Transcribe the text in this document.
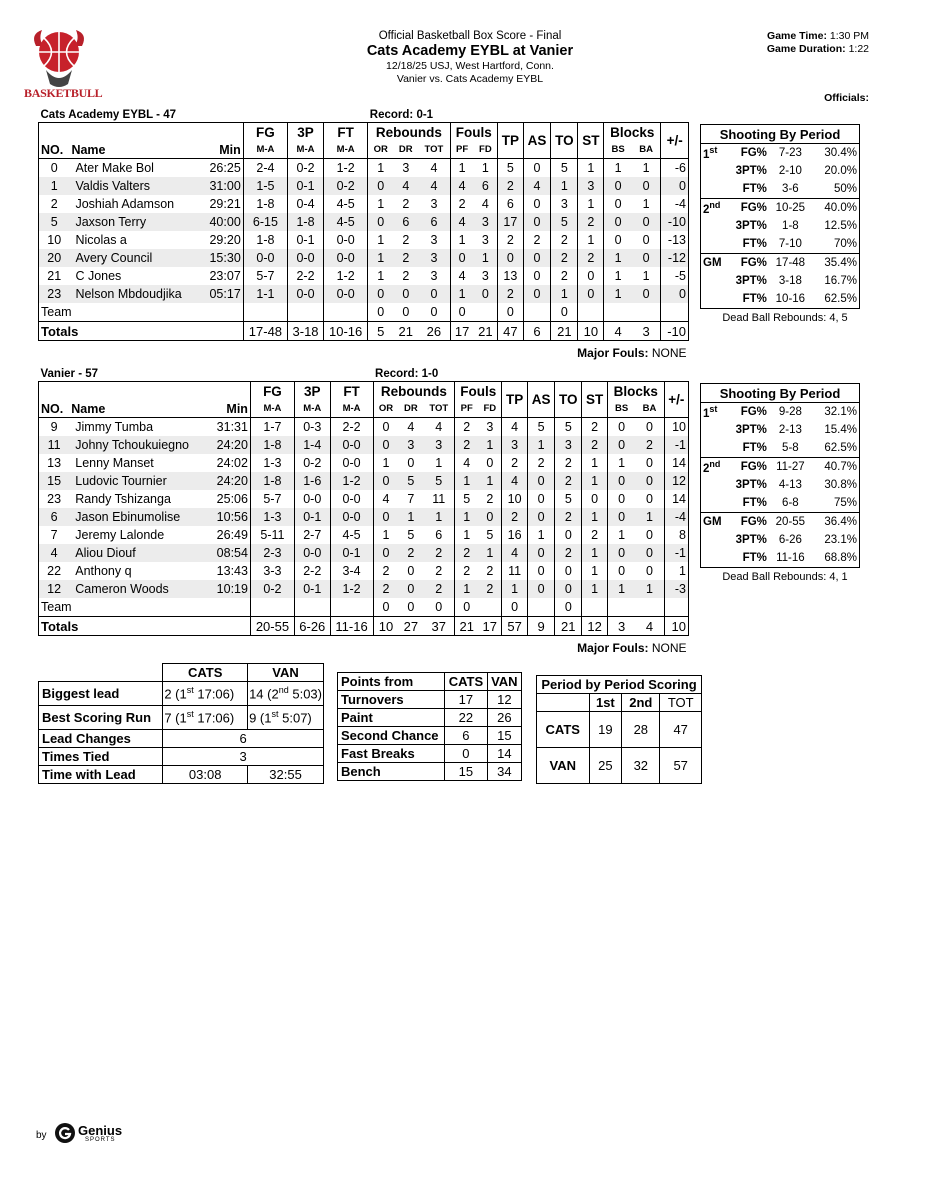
BASKETBULL
Official Basketball Box Score - Final
Cats Academy EYBL at Vanier
12/18/25 USJ, West Hartford, Conn.
Vanier vs. Cats Academy EYBL
Game Time: 1:30 PM
Game Duration: 1:22
Officials:
Cats Academy EYBL - 47						Record: 0-1											
			FG	3P	FT	Rebounds			Fouls		TP	AS	TO	ST	Blocks		+/-
NO.	Name	Min	M-A	M-A	M-A	OR	DR	TOT	PF	FD					BS	BA	
0	Ater Make Bol	26:25	2-4	0-2	1-2	1	3	4	1	1	5	0	5	1	1	1	-6
1	Valdis Valters	31:00	1-5	0-1	0-2	0	4	4	4	6	2	4	1	3	0	0	0
2	Joshiah Adamson	29:21	1-8	0-4	4-5	1	2	3	2	4	6	0	3	1	0	1	-4
5	Jaxson Terry	40:00	6-15	1-8	4-5	0	6	6	4	3	17	0	5	2	0	0	-10
10	Nicolas a	29:20	1-8	0-1	0-0	1	2	3	1	3	2	2	2	1	0	0	-13
20	Avery Council	15:30	0-0	0-0	0-0	1	2	3	0	1	0	0	2	2	1	0	-12
21	C Jones	23:07	5-7	2-2	1-2	1	2	3	4	3	13	0	2	0	1	1	-5
23	Nelson Mbdoudjika	05:17	1-1	0-0	0-0	0	0	0	1	0	2	0	1	0	1	0	0
Team						0	0	0	0		0		0				
Totals			17-48	3-18	10-16	5	21	26	17	21	47	6	21	10	4	3	-10
Major Fouls: NONE																	
Shooting By Period			
1st	FG%	7-23	30.4%
	3PT%	2-10	20.0%
	FT%	3-6	50%
2nd	FG%	10-25	40.0%
	3PT%	1-8	12.5%
	FT%	7-10	70%
GM	FG%	17-48	35.4%
	3PT%	3-18	16.7%
	FT%	10-16	62.5%
Dead Ball Rebounds: 4, 5
Vanier - 57						Record: 1-0											
			FG	3P	FT	Rebounds			Fouls		TP	AS	TO	ST	Blocks		+/-
NO.	Name	Min	M-A	M-A	M-A	OR	DR	TOT	PF	FD					BS	BA	
9	Jimmy Tumba	31:31	1-7	0-3	2-2	0	4	4	2	3	4	5	5	2	0	0	10
11	Johny Tchoukuiegno	24:20	1-8	1-4	0-0	0	3	3	2	1	3	1	3	2	0	2	-1
13	Lenny Manset	24:02	1-3	0-2	0-0	1	0	1	4	0	2	2	2	1	1	0	14
15	Ludovic Tournier	24:20	1-8	1-6	1-2	0	5	5	1	1	4	0	2	1	0	0	12
23	Randy Tshizanga	25:06	5-7	0-0	0-0	4	7	11	5	2	10	0	5	0	0	0	14
6	Jason Ebinumolise	10:56	1-3	0-1	0-0	0	1	1	1	0	2	0	2	1	0	1	-4
7	Jeremy Lalonde	26:49	5-11	2-7	4-5	1	5	6	1	5	16	1	0	2	1	0	8
4	Aliou Diouf	08:54	2-3	0-0	0-1	0	2	2	2	1	4	0	2	1	0	0	-1
22	Anthony q	13:43	3-3	2-2	3-4	2	0	2	2	2	11	0	0	1	0	0	1
12	Cameron Woods	10:19	0-2	0-1	1-2	2	0	2	1	2	1	0	0	1	1	1	-3
Team						0	0	0	0		0		0				
Totals			20-55	6-26	11-16	10	27	37	21	17	57	9	21	12	3	4	10
Major Fouls: NONE																	
Shooting By Period			
1st	FG%	9-28	32.1%
	3PT%	2-13	15.4%
	FT%	5-8	62.5%
2nd	FG%	11-27	40.7%
	3PT%	4-13	30.8%
	FT%	6-8	75%
GM	FG%	20-55	36.4%
	3PT%	6-26	23.1%
	FT%	11-16	68.8%
Dead Ball Rebounds: 4, 1
	CATS	VAN
Biggest lead	2 (1st 17:06)	14 (2nd 5:03)
Best Scoring Run	7 (1st 17:06)	9 (1st 5:07)
Lead Changes	6	
Times Tied	3	
Time with Lead	03:08	32:55
Points from	CATS	VAN
Turnovers	17	12
Paint	22	26
Second Chance	6	15
Fast Breaks	0	14
Bench	15	34
Period by Period Scoring			
	1st	2nd	TOT
CATS	19	28	47
VAN	25	32	57
by Genius
SPORTS
